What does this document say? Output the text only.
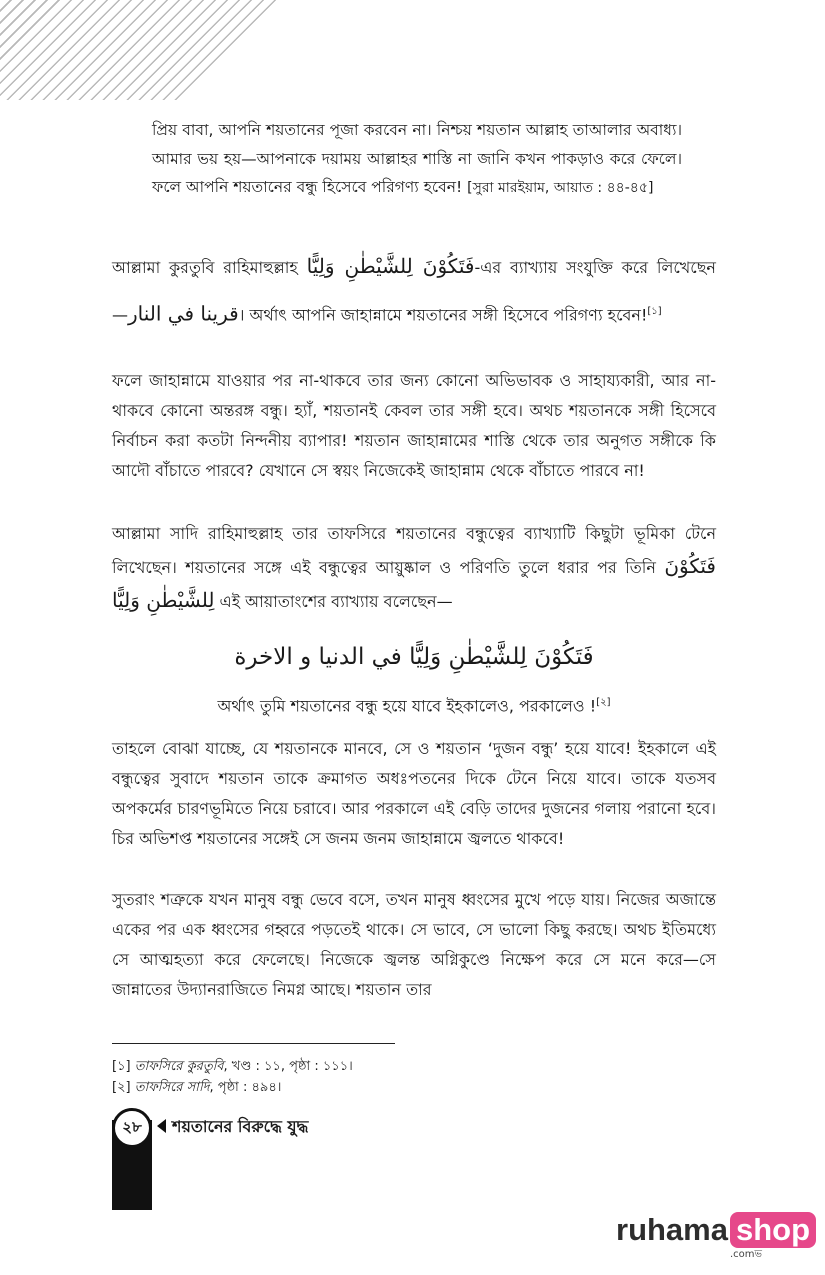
প্রিয় বাবা, আপনি শয়তানের পূজা করবেন না। নিশ্চয় শয়তান আল্লাহ তাআলার অবাধ্য। আমার ভয় হয়—আপনাকে দয়াময় আল্লাহর শাস্তি না জানি কখন পাকড়াও করে ফেলে। ফলে আপনি শয়তানের বন্ধু হিসেবে পরিগণ্য হবেন! [সুরা মারইয়াম, আয়াত : ৪৪-৪৫]

আল্লামা কুরতুবি রাহিমাহুল্লাহ فَتَكُوْنَ لِلشَّيْطٰنِ وَلِيًّا-এর ব্যাখ্যায় সংযুক্তি করে লিখেছেন—قرينا في النار। অর্থাৎ আপনি জাহান্নামে শয়তানের সঙ্গী হিসেবে পরিগণ্য হবেন![১]

ফলে জাহান্নামে যাওয়ার পর না-থাকবে তার জন্য কোনো অভিভাবক ও সাহায্যকারী, আর না-থাকবে কোনো অন্তরঙ্গ বন্ধু। হ্যাঁ, শয়তানই কেবল তার সঙ্গী হবে। অথচ শয়তানকে সঙ্গী হিসেবে নির্বাচন করা কতটা নিন্দনীয় ব্যাপার! শয়তান জাহান্নামের শাস্তি থেকে তার অনুগত সঙ্গীকে কি আদৌ বাঁচাতে পারবে? যেখানে সে স্বয়ং নিজেকেই জাহান্নাম থেকে বাঁচাতে পারবে না!

আল্লামা সাদি রাহিমাহুল্লাহ তার তাফসিরে শয়তানের বন্ধুত্বের ব্যাখ্যাটি কিছুটা ভূমিকা টেনে লিখেছেন। শয়তানের সঙ্গে এই বন্ধুত্বের আয়ুষ্কাল ও পরিণতি তুলে ধরার পর তিনি فَتَكُوْنَ لِلشَّيْطٰنِ وَلِيًّا এই আয়াতাংশের ব্যাখ্যায় বলেছেন—

فَتَكُوْنَ لِلشَّيْطٰنِ وَلِيًّا في الدنيا و الاخرة
অর্থাৎ তুমি শয়তানের বন্ধু হয়ে যাবে ইহকালেও, পরকালেও ![২]

তাহলে বোঝা যাচ্ছে, যে শয়তানকে মানবে, সে ও শয়তান ‘দুজন বন্ধু’ হয়ে যাবে! ইহকালে এই বন্ধুত্বের সুবাদে শয়তান তাকে ক্রমাগত অধঃপতনের দিকে টেনে নিয়ে যাবে। তাকে যতসব অপকর্মের চারণভূমিতে নিয়ে চরাবে। আর পরকালে এই বেড়ি তাদের দুজনের গলায় পরানো হবে। চির অভিশপ্ত শয়তানের সঙ্গেই সে জনম জনম জাহান্নামে জ্বলতে থাকবে!

সুতরাং শত্রুকে যখন মানুষ বন্ধু ভেবে বসে, তখন মানুষ ধ্বংসের মুখে পড়ে যায়। নিজের অজান্তে একের পর এক ধ্বংসের গহ্বরে পড়তেই থাকে। সে ভাবে, সে ভালো কিছু করছে। অথচ ইতিমধ্যে সে আত্মহত্যা করে ফেলেছে। নিজেকে জ্বলন্ত অগ্নিকুণ্ডে নিক্ষেপ করে সে মনে করে—সে জান্নাতের উদ্যানরাজিতে নিমগ্ন আছে। শয়তান তার

[১] তাফসিরে কুরতুবি, খণ্ড : ১১, পৃষ্ঠা : ১১১।
[২] তাফসিরে সাদি, পৃষ্ঠা : ৪৯৪।
২৮	শয়তানের বিরুদ্ধে যুদ্ধ
ruhama shop
.comভ
